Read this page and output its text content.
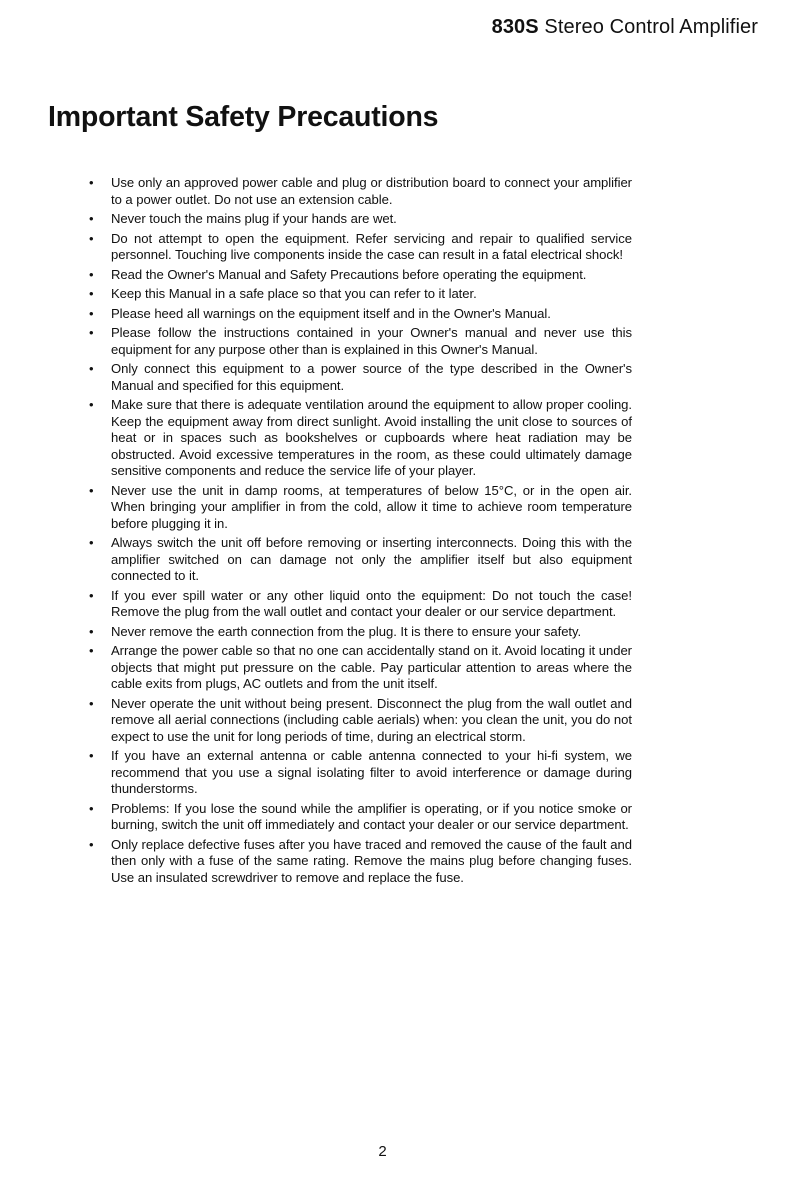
830S Stereo Control Amplifier
Important Safety Precautions
•	Use only an approved power cable and plug or distribution board to connect your amplifier to a power outlet. Do not use an extension cable.
•	Never touch the mains plug if your hands are wet.
•	Do not attempt to open the equipment. Refer servicing and repair to qualified service personnel. Touching live components inside the case can result in a fatal electrical shock!
•	Read the Owner's Manual and Safety Precautions before operating the equipment.
•	Keep this Manual in a safe place so that you can refer to it later.
•	Please heed all warnings on the equipment itself and in the Owner's Manual.
•	Please follow the instructions contained in your Owner's manual and never use this equipment for any purpose other than is explained in this Owner's Manual.
•	Only connect this equipment to a power source of the type described in the Owner's Manual and specified for this equipment.
•	Make sure that there is adequate ventilation around the equipment to allow proper cooling. Keep the equipment away from direct sunlight. Avoid installing the unit close to sources of heat or in spaces such as bookshelves or cupboards where heat radiation may be obstructed. Avoid excessive temperatures in the room, as these could ultimately damage sensitive components and reduce the service life of your player.
•	Never use the unit in damp rooms, at temperatures of below 15°C, or in the open air. When bringing your amplifier in from the cold, allow it time to achieve room temperature before plugging it in.
•	Always switch the unit off before removing or inserting interconnects. Doing this with the amplifier switched on can damage not only the amplifier itself but also equipment connected to it.
•	If you ever spill water or any other liquid onto the equipment: Do not touch the case! Remove the plug from the wall outlet and contact your dealer or our service department.
•	Never remove the earth connection from the plug. It is there to ensure your safety.
•	Arrange the power cable so that no one can accidentally stand on it. Avoid locating it under objects that might put pressure on the cable. Pay particular attention to areas where the cable exits from plugs, AC outlets and from the unit itself.
•	Never operate the unit without being present. Disconnect the plug from the wall outlet and remove all aerial connections (including cable aerials) when: you clean the unit, you do not expect to use the unit for long periods of time, during an electrical storm.
•	If you have an external antenna or cable antenna connected to your hi-fi system, we recommend that you use a signal isolating filter to avoid interference or damage during thunderstorms.
•	Problems: If you lose the sound while the amplifier is operating, or if you notice smoke or burning, switch the unit off immediately and contact your dealer or our service department.
•	Only replace defective fuses after you have traced and removed the cause of the fault and then only with a fuse of the same rating. Remove the mains plug before changing fuses. Use an insulated screwdriver to remove and replace the fuse.
2
